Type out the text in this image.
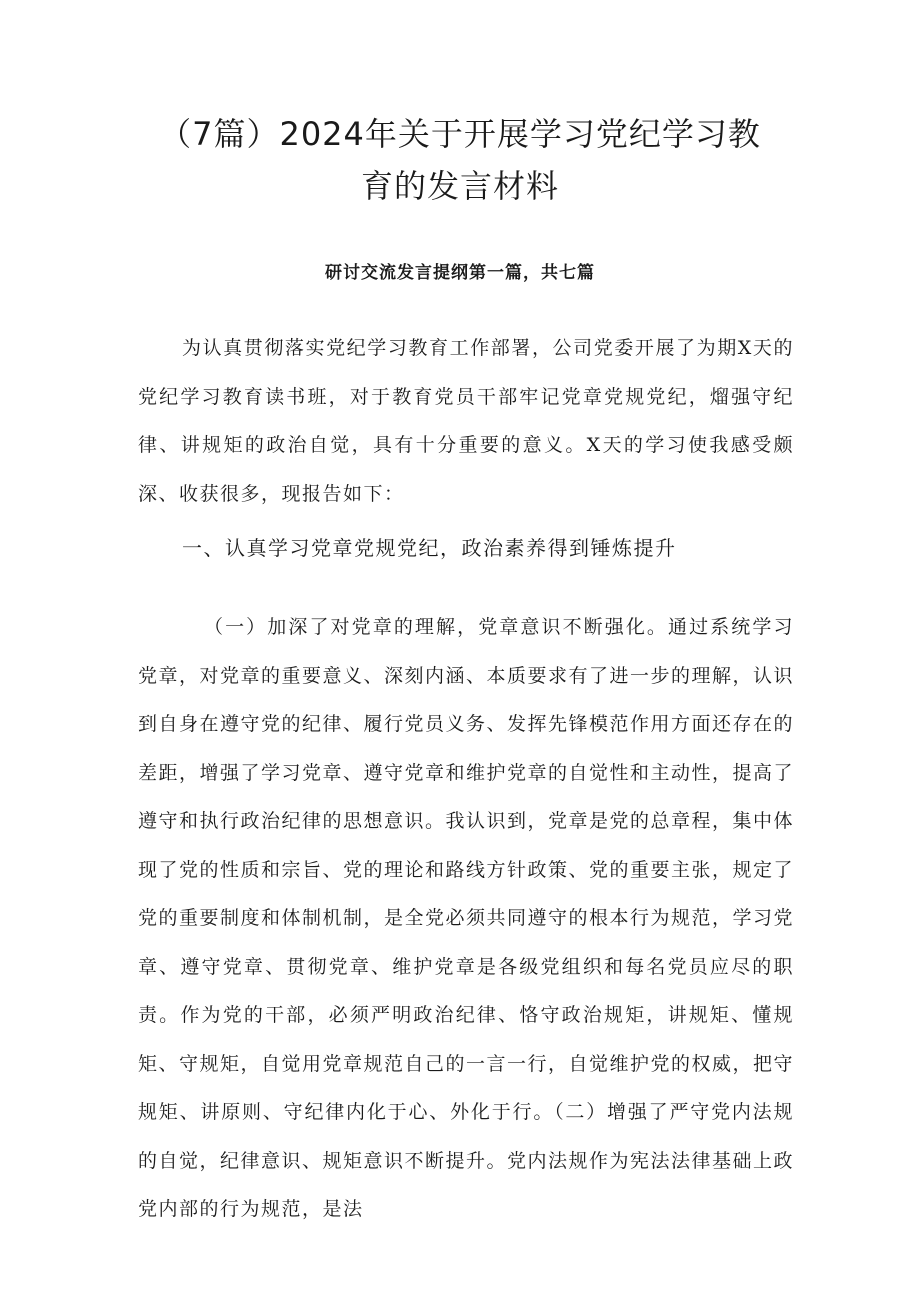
（7篇）2024年关于开展学习党纪学习教
育的发言材料

研讨交流发言提纲第一篇，共七篇

为认真贯彻落实党纪学习教育工作部署，公司党委开展了为期X天的党纪学习教育读书班，对于教育党员干部牢记党章党规党纪，熘强守纪律、讲规矩的政治自觉，具有十分重要的意义。X天的学习使我感受颇深、收获很多，现报告如下：

一、认真学习党章党规党纪，政治素养得到锤炼提升

（一）加深了对党章的理解，党章意识不断强化。通过系统学习党章，对党章的重要意义、深刻内涵、本质要求有了进一步的理解，认识到自身在遵守党的纪律、履行党员义务、发挥先锋模范作用方面还存在的差距，增强了学习党章、遵守党章和维护党章的自觉性和主动性，提高了遵守和执行政治纪律的思想意识。我认识到，党章是党的总章程，集中体现了党的性质和宗旨、党的理论和路线方针政策、党的重要主张，规定了党的重要制度和体制机制，是全党必须共同遵守的根本行为规范，学习党章、遵守党章、贯彻党章、维护党章是各级党组织和每名党员应尽的职责。作为党的干部，必须严明政治纪律、恪守政治规矩，讲规矩、懂规矩、守规矩，自觉用党章规范自己的一言一行，自觉维护党的权威，把守规矩、讲原则、守纪律内化于心、外化于行。（二）增强了严守党内法规的自觉，纪律意识、规矩意识不断提升。党内法规作为宪法法律基础上政党内部的行为规范，是法
